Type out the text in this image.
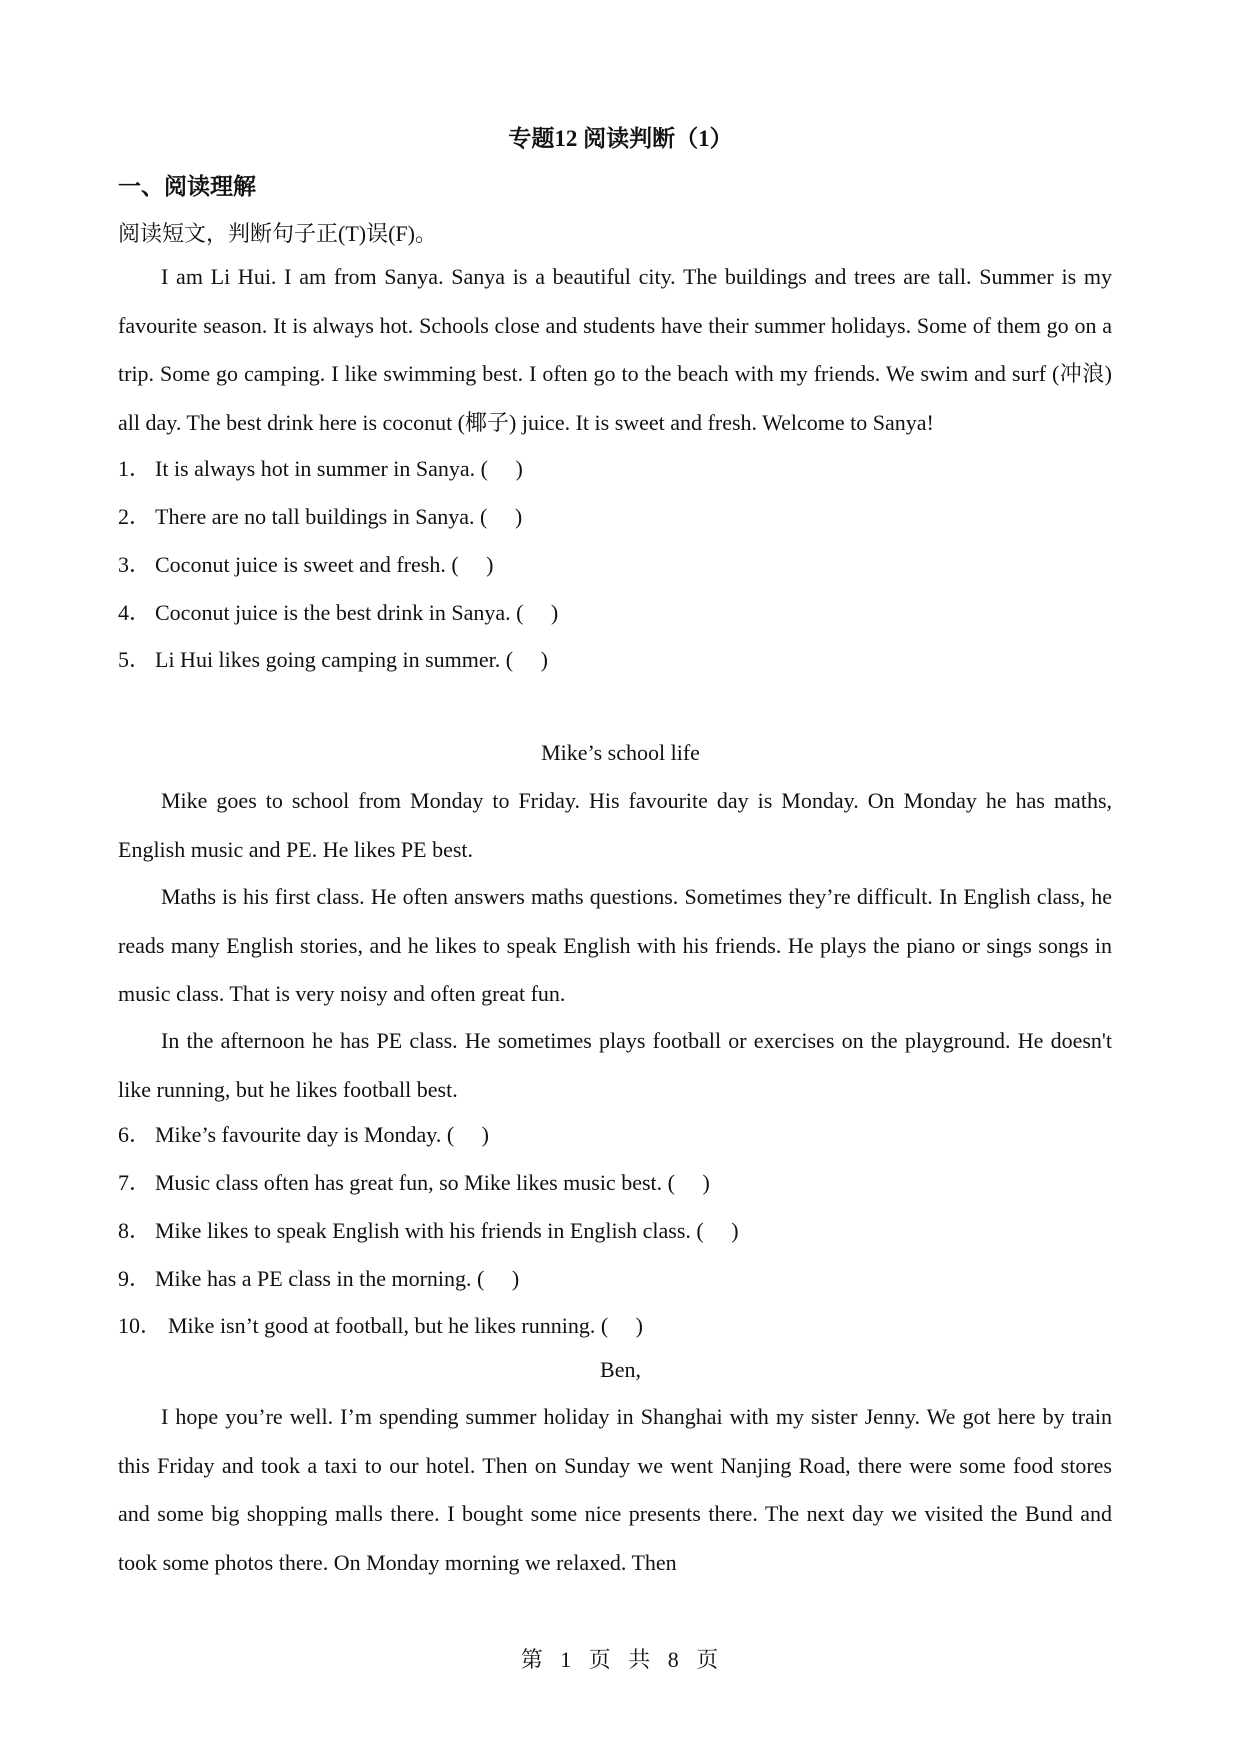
专题12 阅读判断（1）
一、阅读理解
阅读短文，判断句子正(T)误(F)。

I am Li Hui. I am from Sanya. Sanya is a beautiful city. The buildings and trees are tall. Summer is my favourite season. It is always hot. Schools close and students have their summer holidays. Some of them go on a trip. Some go camping. I like swimming best. I often go to the beach with my friends. We swim and surf (冲浪) all day. The best drink here is coconut (椰子) juice. It is sweet and fresh. Welcome to Sanya!

1． It is always hot in summer in Sanya. (     )
2． There are no tall buildings in Sanya. (     )
3． Coconut juice is sweet and fresh. (     )
4． Coconut juice is the best drink in Sanya. (     )
5． Li Hui likes going camping in summer. (     )
Mike’s school life

Mike goes to school from Monday to Friday. His favourite day is Monday. On Monday he has maths, English music and PE. He likes PE best.

Maths is his first class. He often answers maths questions. Sometimes they’re difficult. In English class, he reads many English stories, and he likes to speak English with his friends. He plays the piano or sings songs in music class. That is very noisy and often great fun.

In the afternoon he has PE class. He sometimes plays football or exercises on the playground. He doesn't like running, but he likes football best.

6． Mike’s favourite day is Monday. (     )
7． Music class often has great fun, so Mike likes music best. (     )
8． Mike likes to speak English with his friends in English class. (     )
9． Mike has a PE class in the morning. (     )
10． Mike isn’t good at football, but he likes running. (     )
Ben,

I hope you’re well. I’m spending summer holiday in Shanghai with my sister Jenny. We got here by train this Friday and took a taxi to our hotel. Then on Sunday we went Nanjing Road, there were some food stores and some big shopping malls there. I bought some nice presents there. The next day we visited the Bund and took some photos there. On Monday morning we relaxed. Then

第 1 页 共 8 页
